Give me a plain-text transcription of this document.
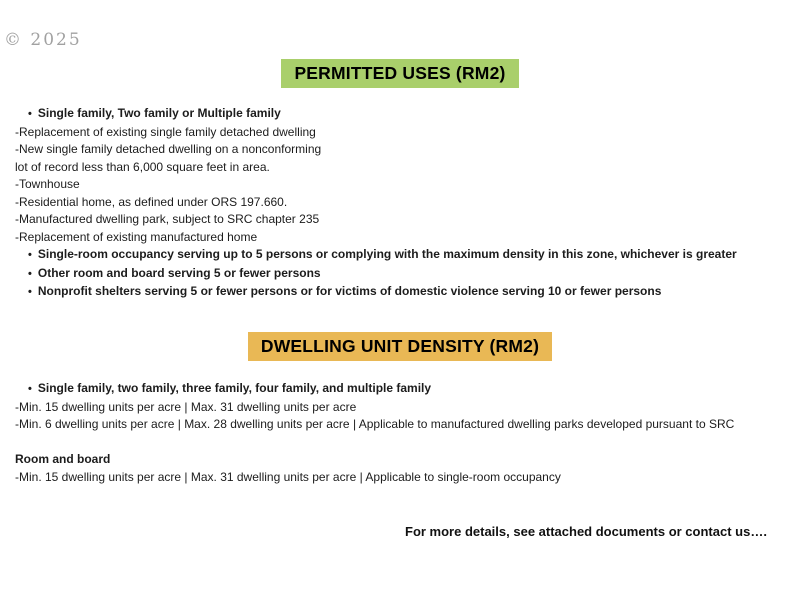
© 2025
PERMITTED USES (RM2)
• Single family, Two family or Multiple family
-Replacement of existing single family detached dwelling
-New single family detached dwelling on a nonconforming
lot of record less than 6,000 square feet in area.
-Townhouse
-Residential home, as defined under ORS 197.660.
-Manufactured dwelling park, subject to SRC chapter 235
-Replacement of existing manufactured home
• Single-room occupancy serving up to 5 persons or complying with the maximum density in this zone, whichever is greater
• Other room and board serving 5 or fewer persons
• Nonprofit shelters serving 5 or fewer persons or for victims of domestic violence serving 10 or fewer persons
DWELLING UNIT DENSITY (RM2)
• Single family, two family, three family, four family, and multiple family
-Min. 15 dwelling units per acre | Max. 31 dwelling units per acre
-Min. 6 dwelling units per acre | Max. 28 dwelling units per acre | Applicable to manufactured dwelling parks developed pursuant to SRC
Room and board
-Min. 15 dwelling units per acre | Max. 31 dwelling units per acre | Applicable to single-room occupancy
For more details, see attached documents or contact us….
